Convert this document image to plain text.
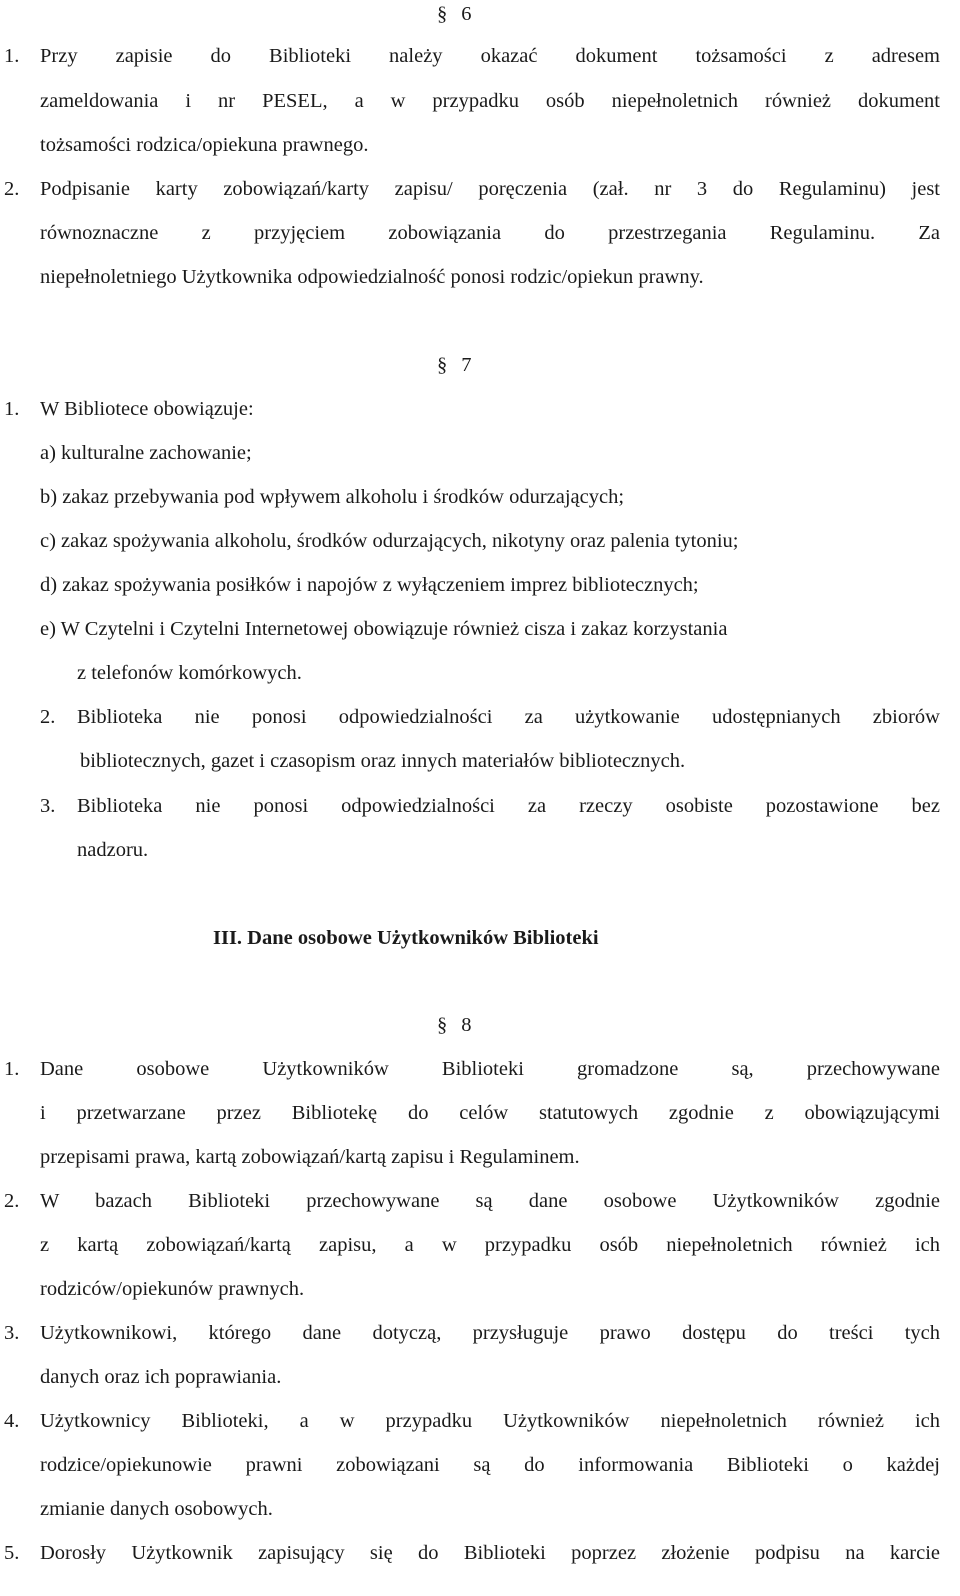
§ 6
1. Przy zapisie do Biblioteki należy okazać dokument tożsamości z adresem
zameldowania i nr PESEL, a w przypadku osób niepełnoletnich również dokument
tożsamości rodzica/opiekuna prawnego.
2. Podpisanie karty zobowiązań/karty zapisu/ poręczenia (zał. nr 3 do Regulaminu) jest
równoznaczne z przyjęciem zobowiązania do przestrzegania Regulaminu. Za
niepełnoletniego Użytkownika odpowiedzialność ponosi rodzic/opiekun prawny.
§ 7
1. W Bibliotece obowiązuje:
a) kulturalne zachowanie;
b) zakaz przebywania pod wpływem alkoholu i środków odurzających;
c) zakaz spożywania alkoholu, środków odurzających, nikotyny oraz palenia tytoniu;
d) zakaz spożywania posiłków i napojów z wyłączeniem imprez bibliotecznych;
e) W Czytelni i Czytelni Internetowej obowiązuje również cisza i zakaz korzystania
z telefonów komórkowych.
2. Biblioteka nie ponosi odpowiedzialności za użytkowanie udostępnianych zbiorów
bibliotecznych, gazet i czasopism oraz innych materiałów bibliotecznych.
3. Biblioteka nie ponosi odpowiedzialności za rzeczy osobiste pozostawione bez
nadzoru.
III. Dane osobowe Użytkowników Biblioteki
§ 8
1. Dane osobowe Użytkowników Biblioteki gromadzone są, przechowywane
i przetwarzane przez Bibliotekę do celów statutowych zgodnie z obowiązującymi
przepisami prawa, kartą zobowiązań/kartą zapisu i Regulaminem.
2. W bazach Biblioteki przechowywane są dane osobowe Użytkowników zgodnie
z kartą zobowiązań/kartą zapisu, a w przypadku osób niepełnoletnich również ich
rodziców/opiekunów prawnych.
3. Użytkownikowi, którego dane dotyczą, przysługuje prawo dostępu do treści tych
danych oraz ich poprawiania.
4. Użytkownicy Biblioteki, a w przypadku Użytkowników niepełnoletnich również ich
rodzice/opiekunowie prawni zobowiązani są do informowania Biblioteki o każdej
zmianie danych osobowych.
5. Dorosły Użytkownik zapisujący się do Biblioteki poprzez złożenie podpisu na karcie
